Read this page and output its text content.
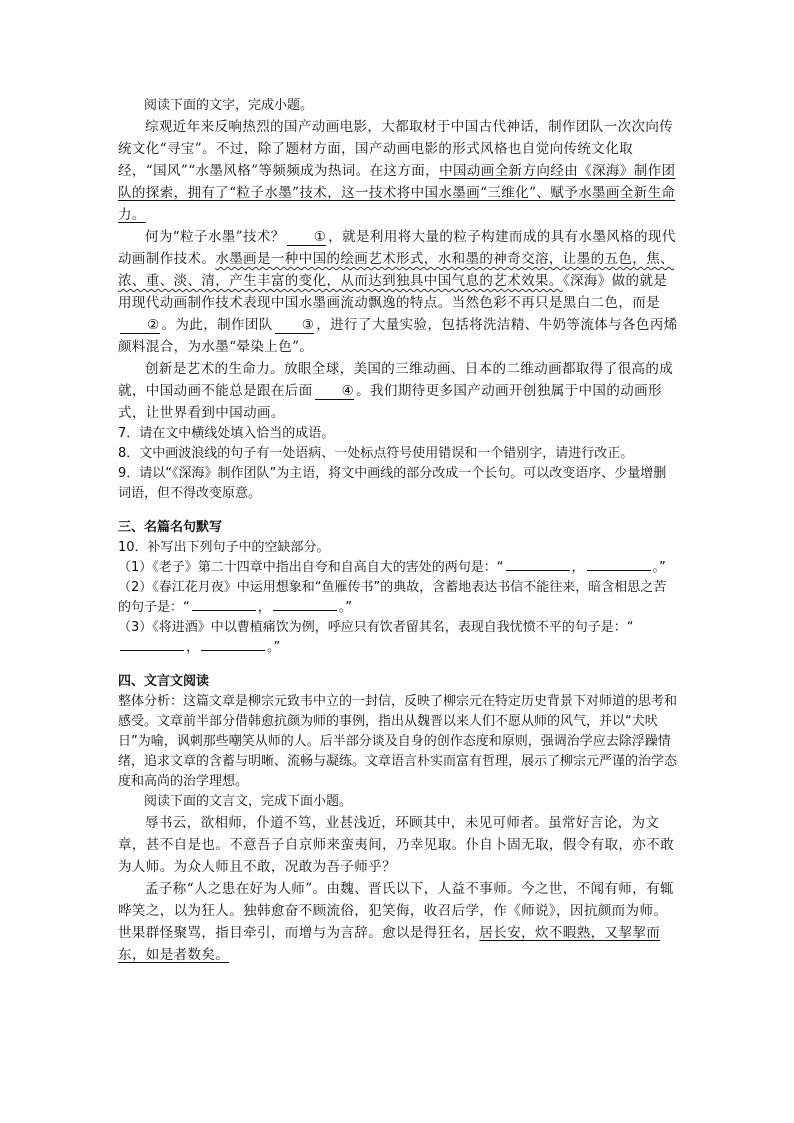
阅读下面的文字，完成小题。

综观近年来反响热烈的国产动画电影，大都取材于中国古代神话，制作团队一次次向传统文化“寻宝”。不过，除了题材方面，国产动画电影的形式风格也自觉向传统文化取经，“国风”“水墨风格”等频频成为热词。在这方面，中国动画全新方向经由《深海》制作团队的探索，拥有了“粒子水墨”技术，这一技术将中国水墨画“三维化”、赋予水墨画全新生命力。

何为“粒子水墨”技术？ ① ，就是利用将大量的粒子构建而成的具有水墨风格的现代动画制作技术。水墨画是一种中国的绘画艺术形式，水和墨的神奇交溶，让墨的五色，焦、浓、重、淡、清，产生丰富的变化，从而达到独具中国气息的艺术效果。《深海》做的就是用现代动画制作技术表现中国水墨画流动飘逸的特点。当然色彩不再只是黑白二色，而是② 。为此，制作团队 ③ ，进行了大量实验，包括将洗洁精、牛奶等流体与各色丙烯颜料混合，为水墨“晕染上色”。

创新是艺术的生命力。放眼全球，美国的三维动画、日本的二维动画都取得了很高的成就，中国动画不能总是跟在后面 ④ 。我们期待更多国产动画开创独属于中国的动画形式，让世界看到中国动画。

7．请在文中横线处填入恰当的成语。

8．文中画波浪线的句子有一处语病、一处标点符号使用错误和一个错别字，请进行改正。

9．请以“《深海》制作团队”为主语，将文中画线的部分改成一个长句。可以改变语序、少量增删词语，但不得改变原意。

三、名篇名句默写

10．补写出下列句子中的空缺部分。

（1）《老子》第二十四章中指出自夸和自高自大的害处的两句是：“	，	。”

（2）《春江花月夜》中运用想象和“鱼雁传书”的典故，含蓄地表达书信不能往来，暗含相思之苦的句子是：“	，	。”

（3）《将进酒》中以曹植痛饮为例，呼应只有饮者留其名，表现自我忧愤不平的句子是：“，	。”

四、文言文阅读

整体分析：这篇文章是柳宗元致韦中立的一封信，反映了柳宗元在特定历史背景下对师道的思考和感受。文章前半部分借韩愈抗颜为师的事例，指出从魏晋以来人们不愿从师的风气，并以“犬吠日”为喻，讽刺那些嘲笑从师的人。后半部分谈及自身的创作态度和原则，强调治学应去除浮躁情绪，追求文章的含蓄与明晰、流畅与凝练。文章语言朴实而富有哲理，展示了柳宗元严谨的治学态度和高尚的治学理想。

阅读下面的文言文，完成下面小题。

辱书云，欲相师，仆道不笃，业甚浅近，环顾其中，未见可师者。虽常好言论，为文章，甚不自是也。不意吾子自京师来蛮夷间，乃幸见取。仆自卜固无取，假令有取，亦不敢为人师。为众人师且不敢，况敢为吾子师乎？

孟子称“人之患在好为人师”。由魏、晋氏以下，人益不事师。今之世，不闻有师，有辄哗笑之，以为狂人。独韩愈奋不顾流俗，犯笑侮，收召后学，作《师说》，因抗颜而为师。世果群怪聚骂，指目牵引，而增与为言辞。愈以是得狂名，居长安，炊不暇熟，又挈挈而东，如是者数矣。
